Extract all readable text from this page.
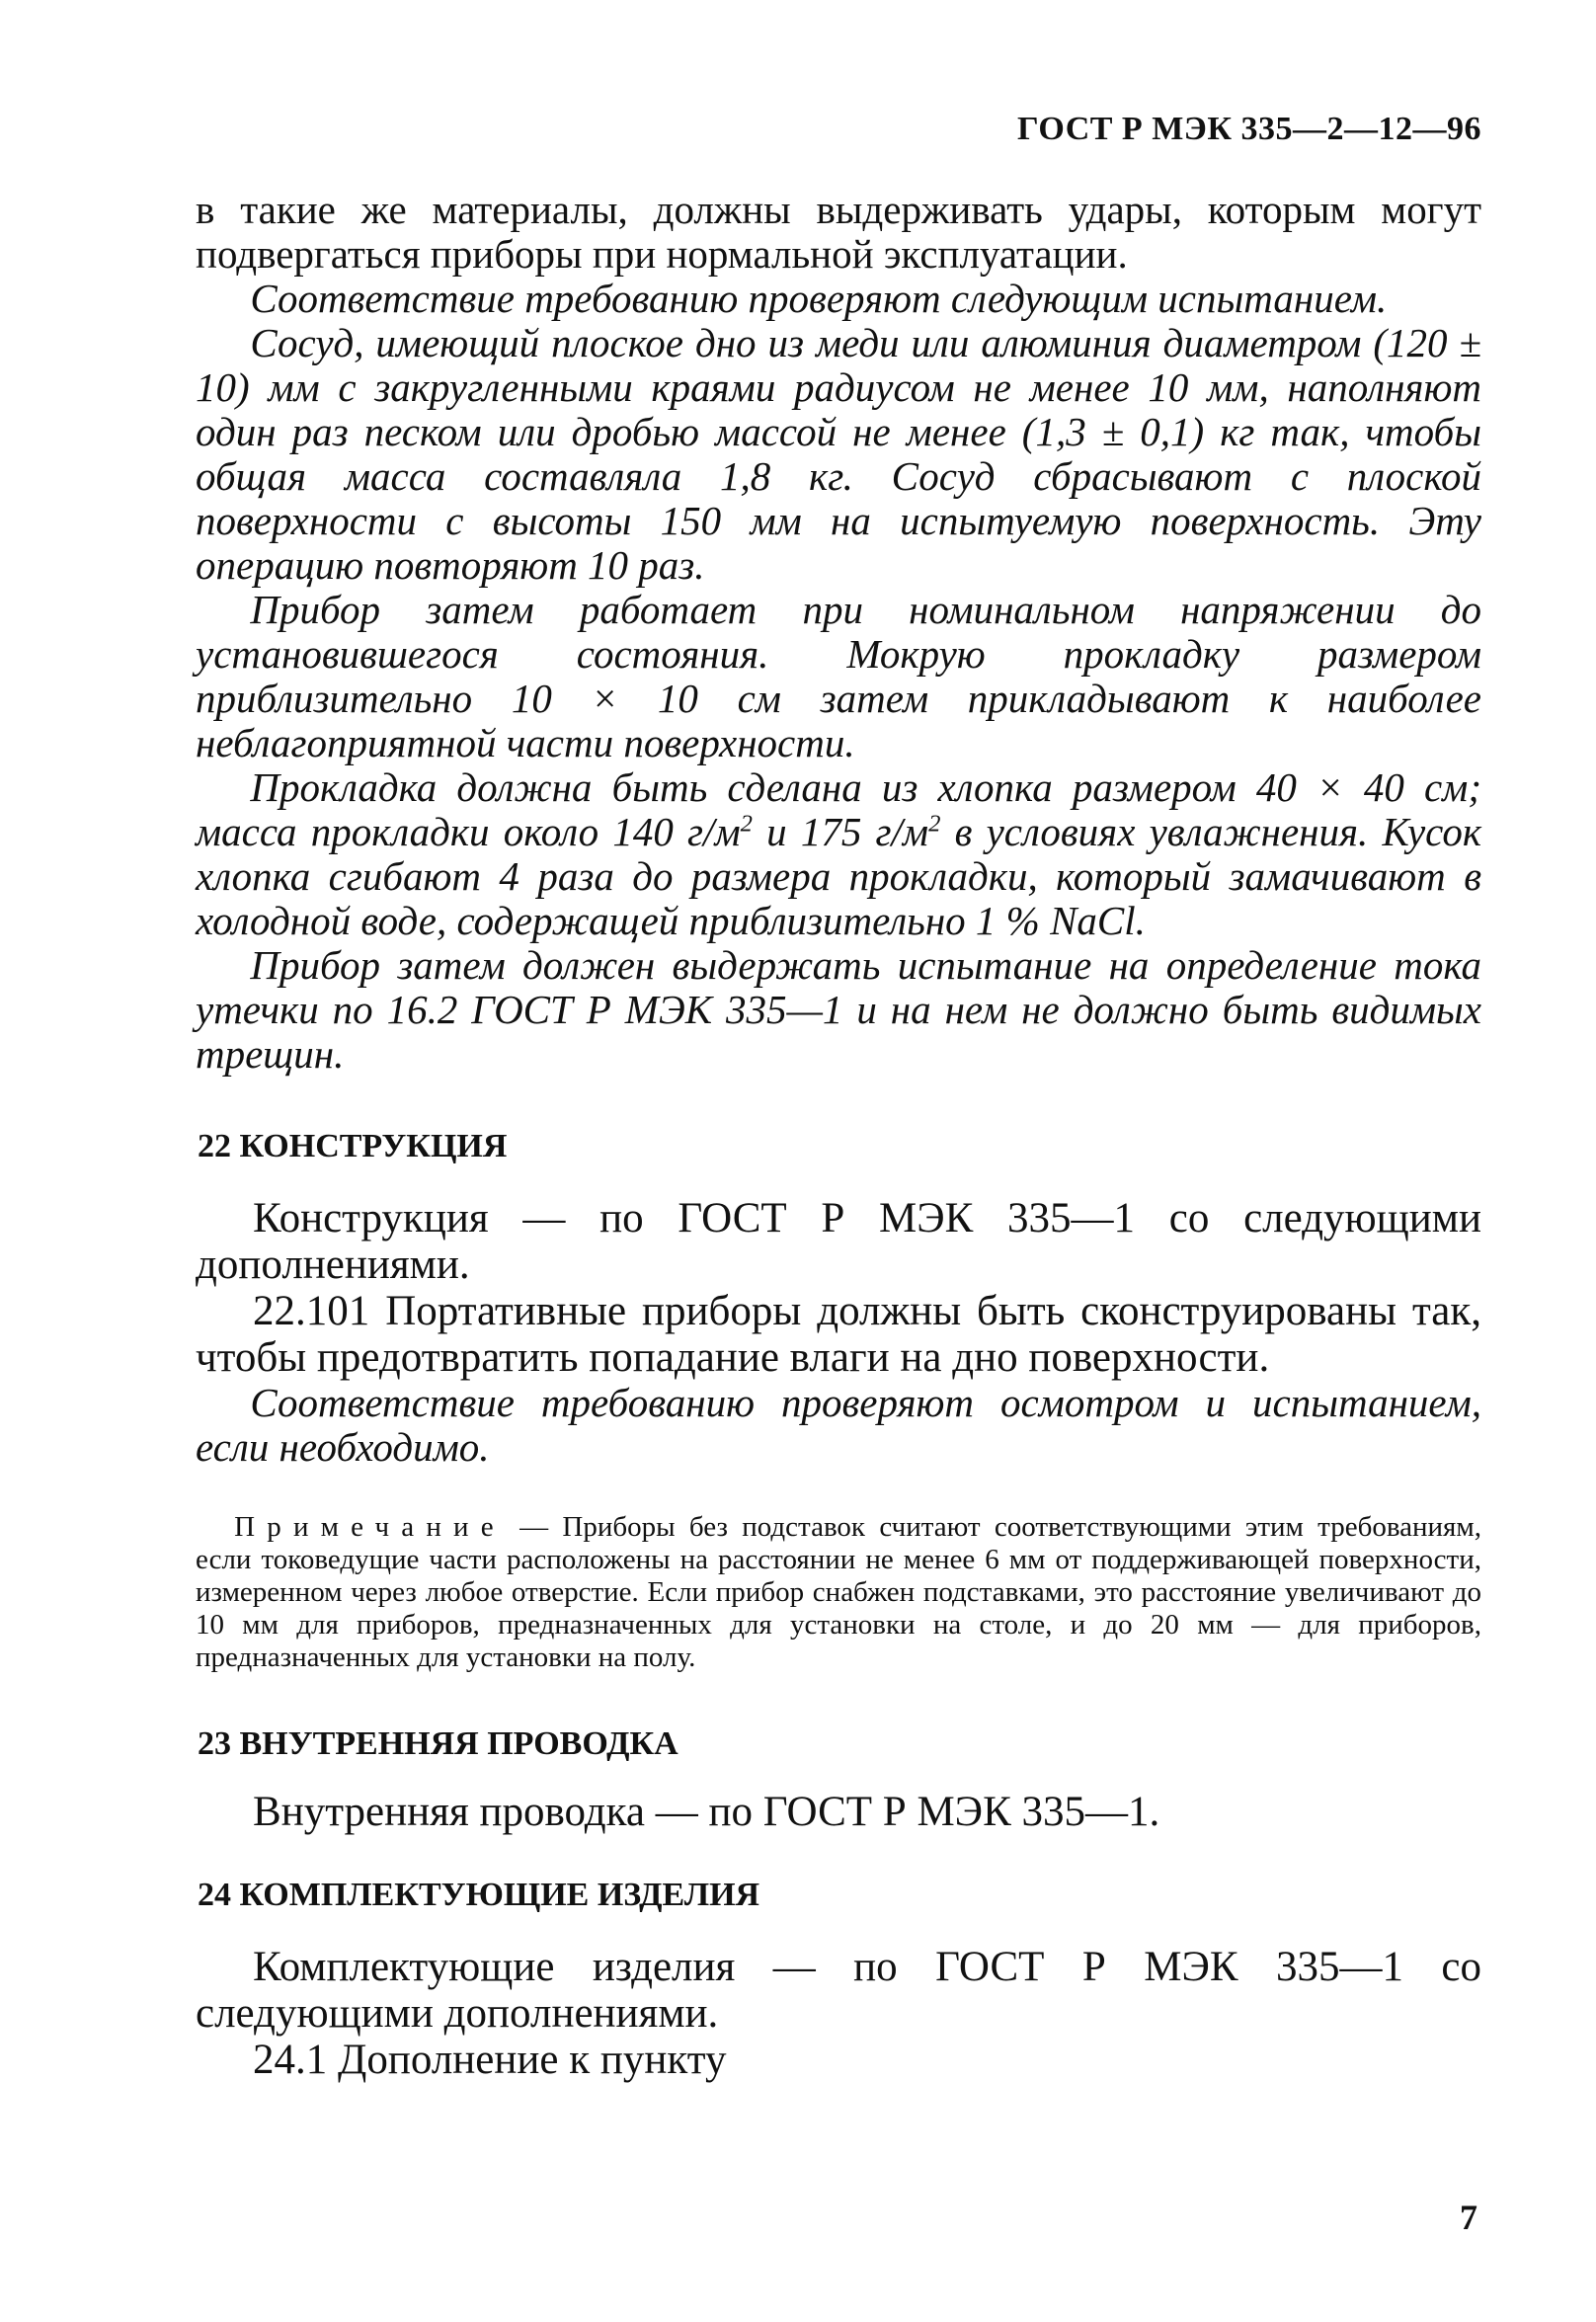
ГОСТ Р МЭК 335—2—12—96

в такие же материалы, должны выдерживать удары, которым могут подвергаться приборы при нормальной эксплуатации.

Соответствие требованию проверяют следующим испытанием.

Сосуд, имеющий плоское дно из меди или алюминия диаметром (120 ± 10) мм с закругленными краями радиусом не менее 10 мм, наполняют один раз песком или дробью массой не менее (1,3 ± 0,1) кг так, чтобы общая масса составляла 1,8 кг. Сосуд сбрасывают с плоской поверхности с высоты 150 мм на испытуемую поверхность. Эту операцию повторяют 10 раз.

Прибор затем работает при номинальном напряжении до установившегося состояния. Мокрую прокладку размером приблизительно 10 × 10 см затем прикладывают к наиболее неблагоприятной части поверхности.

Прокладка должна быть сделана из хлопка размером 40 × 40 см; масса прокладки около 140 $г/м^2$ и 175 $г/м^2$ в условиях увлажнения. Кусок хлопка сгибают 4 раза до размера прокладки, который замачивают в холодной воде, содержащей приблизительно 1 % NaCl.

Прибор затем должен выдержать испытание на определение тока утечки по 16.2 ГОСТ Р МЭК 335—1 и на нем не должно быть видимых трещин.

22 КОНСТРУКЦИЯ

Конструкция — по ГОСТ Р МЭК 335—1 со следующими дополнениями.

22.101 Портативные приборы должны быть сконструированы так, чтобы предотвратить попадание влаги на дно поверхности.

Соответствие требованию проверяют осмотром и испытанием, если необходимо.

Примечание — Приборы без подставок считают соответствующими этим требованиям, если токоведущие части расположены на расстоянии не менее 6 мм от поддерживающей поверхности, измеренном через любое отверстие. Если прибор снабжен подставками, это расстояние увеличивают до 10 мм для приборов, предназначенных для установки на столе, и до 20 мм — для приборов, предназначенных для установки на полу.

23 ВНУТРЕННЯЯ ПРОВОДКА

Внутренняя проводка — по ГОСТ Р МЭК 335—1.

24 КОМПЛЕКТУЮЩИЕ ИЗДЕЛИЯ

Комплектующие изделия — по ГОСТ Р МЭК 335—1 со следующими дополнениями.

24.1 Дополнение к пункту

7
